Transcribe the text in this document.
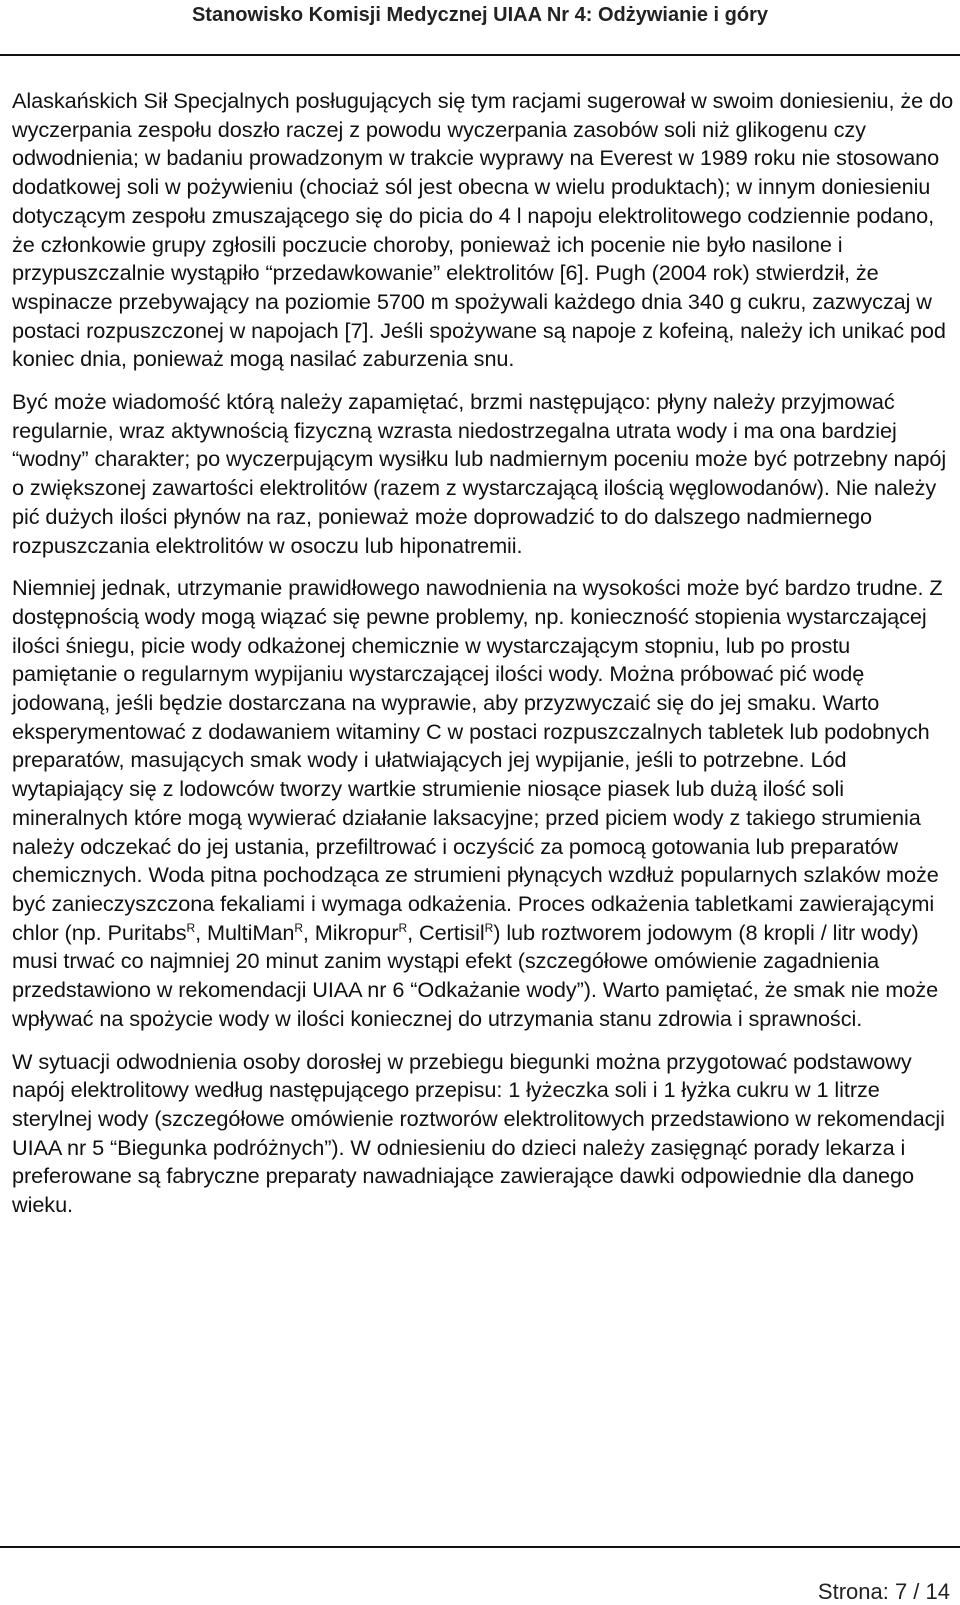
Stanowisko Komisji Medycznej UIAA Nr 4: Odżywianie i góry

Alaskańskich Sił Specjalnych posługujących się tym racjami sugerował w swoim doniesieniu, że do wyczerpania zespołu doszło raczej z powodu wyczerpania zasobów soli niż glikogenu czy odwodnienia; w badaniu prowadzonym w trakcie wyprawy na Everest w 1989 roku nie stosowano dodatkowej soli w pożywieniu (chociaż sól jest obecna w wielu produktach); w innym doniesieniu dotyczącym zespołu zmuszającego się do picia do 4 l napoju elektrolitowego codziennie podano, że członkowie grupy zgłosili poczucie choroby, ponieważ ich pocenie nie było nasilone i przypuszczalnie wystąpiło “przedawkowanie” elektrolitów [6]. Pugh (2004 rok) stwierdził, że wspinacze przebywający na poziomie 5700 m spożywali każdego dnia 340 g cukru, zazwyczaj w postaci rozpuszczonej w napojach [7]. Jeśli spożywane są napoje z kofeiną, należy ich unikać pod koniec dnia, ponieważ mogą nasilać zaburzenia snu.

Być może wiadomość którą należy zapamiętać, brzmi następująco: płyny należy przyjmować regularnie, wraz aktywnością fizyczną wzrasta niedostrzegalna utrata wody i ma ona bardziej “wodny” charakter; po wyczerpującym wysiłku lub nadmiernym poceniu może być potrzebny napój o zwiększonej zawartości elektrolitów (razem z wystarczającą ilością węglowodanów). Nie należy pić dużych ilości płynów na raz, ponieważ może doprowadzić to do dalszego nadmiernego rozpuszczania elektrolitów w osoczu lub hiponatremii.

Niemniej jednak, utrzymanie prawidłowego nawodnienia na wysokości może być bardzo trudne. Z dostępnością wody mogą wiązać się pewne problemy, np. konieczność stopienia wystarczającej ilości śniegu, picie wody odkażonej chemicznie w wystarczającym stopniu, lub po prostu pamiętanie o regularnym wypijaniu wystarczającej ilości wody. Można próbować pić wodę jodowaną, jeśli będzie dostarczana na wyprawie, aby przyzwyczaić się do jej smaku. Warto eksperymentować z dodawaniem witaminy C w postaci rozpuszczalnych tabletek lub podobnych preparatów, masujących smak wody i ułatwiających jej wypijanie, jeśli to potrzebne. Lód wytapiający się z lodowców tworzy wartkie strumienie niosące piasek lub dużą ilość soli mineralnych które mogą wywierać działanie laksacyjne; przed piciem wody z takiego strumienia należy odczekać do jej ustania, przefiltrować i oczyścić za pomocą gotowania lub preparatów chemicznych. Woda pitna pochodząca ze strumieni płynących wzdłuż popularnych szlaków może być zanieczyszczona fekaliami i wymaga odkażenia. Proces odkażenia tabletkami zawierającymi chlor (np. Puritabs$^R$, MultiMan$^R$, Mikropur$^R$, Certisil$^R$) lub roztworem jodowym (8 kropli / litr wody) musi trwać co najmniej 20 minut zanim wystąpi efekt (szczegółowe omówienie zagadnienia przedstawiono w rekomendacji UIAA nr 6 “Odkażanie wody”). Warto pamiętać, że smak nie może wpływać na spożycie wody w ilości koniecznej do utrzymania stanu zdrowia i sprawności.

W sytuacji odwodnienia osoby dorosłej w przebiegu biegunki można przygotować podstawowy napój elektrolitowy według następującego przepisu: 1 łyżeczka soli i 1 łyżka cukru w 1 litrze sterylnej wody (szczegółowe omówienie roztworów elektrolitowych przedstawiono w rekomendacji UIAA nr 5 “Biegunka podróżnych”). W odniesieniu do dzieci należy zasięgnąć porady lekarza i preferowane są fabryczne preparaty nawadniające zawierające dawki odpowiednie dla danego wieku.

Strona: 7 / 14
